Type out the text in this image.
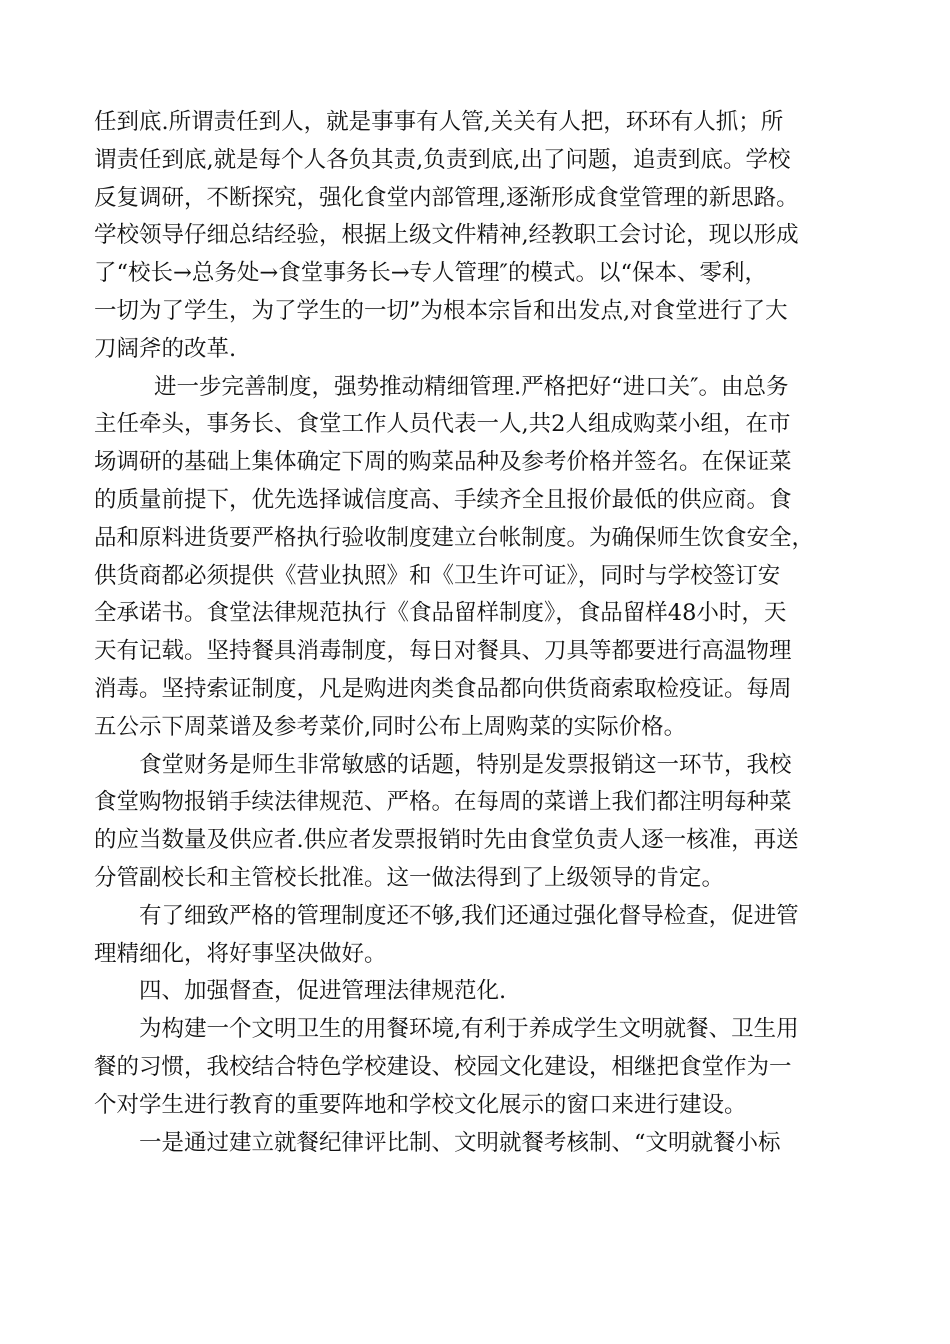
任到底.所谓责任到人，就是事事有人管,关关有人把，环环有人抓；所
谓责任到底,就是每个人各负其责,负责到底,出了问题，追责到底。学校
反复调研，不断探究，强化食堂内部管理,逐渐形成食堂管理的新思路。
学校领导仔细总结经验，根据上级文件精神,经教职工会讨论，现以形成
了“校长→总务处→食堂事务长→专人管理″的模式。以“保本、零利，
一切为了学生，为了学生的一切”为根本宗旨和出发点,对食堂进行了大
刀阔斧的改革.
进一步完善制度，强势推动精细管理.严格把好“进口关″。由总务
主任牵头，事务长、食堂工作人员代表一人,共2人组成购菜小组，在市
场调研的基础上集体确定下周的购菜品种及参考价格并签名。在保证菜
的质量前提下，优先选择诚信度高、手续齐全且报价最低的供应商。食
品和原料进货要严格执行验收制度建立台帐制度。为确保师生饮食安全，
供货商都必须提供《营业执照》和《卫生许可证》，同时与学校签订安
全承诺书。食堂法律规范执行《食品留样制度》，食品留样48小时，天
天有记载。坚持餐具消毒制度，每日对餐具、刀具等都要进行高温物理
消毒。坚持索证制度，凡是购进肉类食品都向供货商索取检疫证。每周
五公示下周菜谱及参考菜价,同时公布上周购菜的实际价格。
食堂财务是师生非常敏感的话题，特别是发票报销这一环节，我校
食堂购物报销手续法律规范、严格。在每周的菜谱上我们都注明每种菜
的应当数量及供应者.供应者发票报销时先由食堂负责人逐一核准，再送
分管副校长和主管校长批准。这一做法得到了上级领导的肯定。
有了细致严格的管理制度还不够,我们还通过强化督导检查，促进管
理精细化，将好事坚决做好。
四、加强督查，促进管理法律规范化.
为构建一个文明卫生的用餐环境,有利于养成学生文明就餐、卫生用
餐的习惯，我校结合特色学校建设、校园文化建设，相继把食堂作为一
个对学生进行教育的重要阵地和学校文化展示的窗口来进行建设。
一是通过建立就餐纪律评比制、文明就餐考核制、“文明就餐小标
